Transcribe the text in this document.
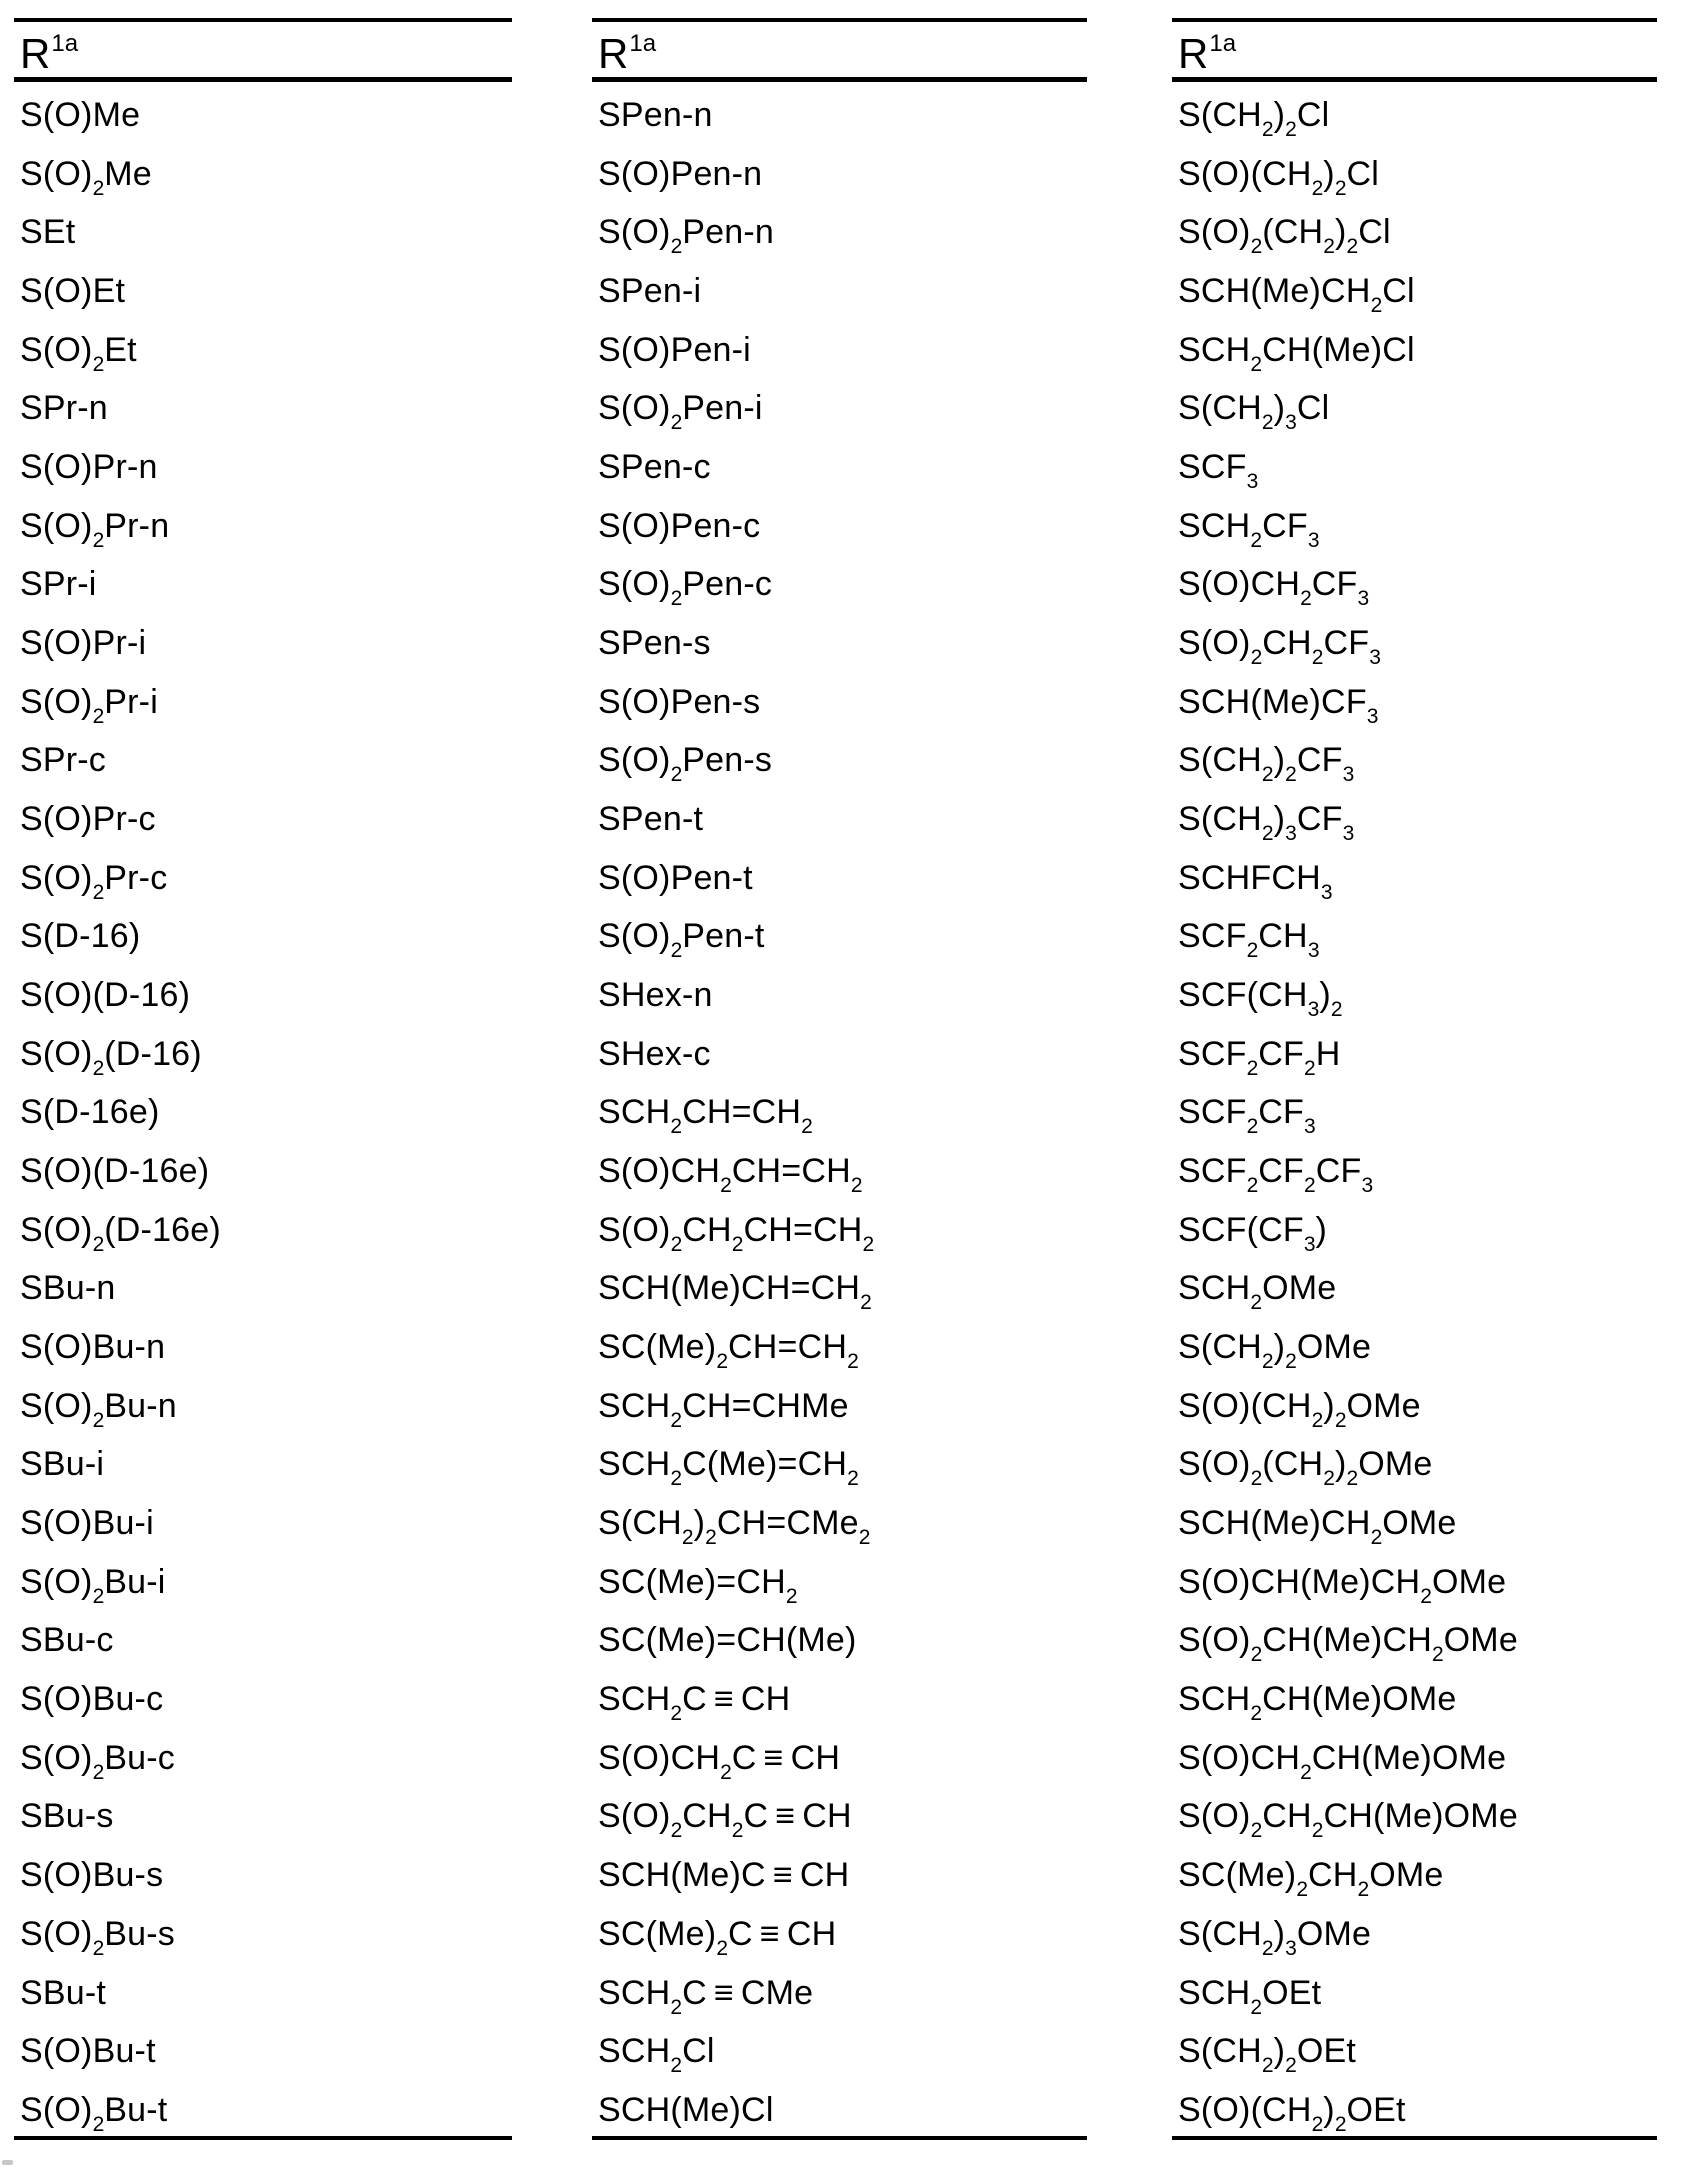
$R^{1a}$
S(O)Me
$S(O)_2Me$
SEt
S(O)Et
$S(O)_2Et$
SPr-n
S(O)Pr-n
$S(O)_2Pr-n$
SPr-i
S(O)Pr-i
$S(O)_2Pr-i$
SPr-c
S(O)Pr-c
$S(O)_2Pr-c$
S(D-16)
S(O)(D-16)
$S(O)_2(D-16)$
S(D-16e)
S(O)(D-16e)
$S(O)_2(D-16e)$
SBu-n
S(O)Bu-n
$S(O)_2Bu-n$
SBu-i
S(O)Bu-i
$S(O)_2Bu-i$
SBu-c
S(O)Bu-c
$S(O)_2Bu-c$
SBu-s
S(O)Bu-s
$S(O)_2Bu-s$
SBu-t
S(O)Bu-t
$S(O)_2Bu-t$
$R^{1a}$
SPen-n
S(O)Pen-n
$S(O)_2Pen-n$
SPen-i
S(O)Pen-i
$S(O)_2Pen-i$
SPen-c
S(O)Pen-c
$S(O)_2Pen-c$
SPen-s
S(O)Pen-s
$S(O)_2Pen-s$
SPen-t
S(O)Pen-t
$S(O)_2Pen-t$
SHex-n
SHex-c
$SCH_2CH=CH_2$
$S(O)CH_2CH=CH_2$
$S(O)_2CH_2CH=CH_2$
$SCH(Me)CH=CH_2$
$SC(Me)_2CH=CH_2$
$SCH_2CH=CHMe$
$SCH_2C(Me)=CH_2$
$S(CH_2)_2CH=CMe_2$
$SC(Me)=CH_2$
SC(Me)=CH(Me)
$SCH_2C$ ≡ CH
$S(O)CH_2C$ ≡ CH
$S(O)_2CH_2C$ ≡ CH
SCH(Me)C ≡ CH
$SC(Me)_2C$ ≡ CH
$SCH_2C$ ≡ CMe
$SCH_2Cl$
SCH(Me)Cl
$R^{1a}$
$S(CH_2)_2Cl$
$S(O)(CH_2)_2Cl$
$S(O)_2(CH_2)_2Cl$
$SCH(Me)CH_2Cl$
$SCH_2CH(Me)Cl$
$S(CH_2)_3Cl$
$SCF_3$
$SCH_2CF_3$
$S(O)CH_2CF_3$
$S(O)_2CH_2CF_3$
$SCH(Me)CF_3$
$S(CH_2)_2CF_3$
$S(CH_2)_3CF_3$
$SCHFCH_3$
$SCF_2CH_3$
$SCF(CH_3)_2$
$SCF_2CF_2H$
$SCF_2CF_3$
$SCF_2CF_2CF_3$
$SCF(CF_3)$
$SCH_2OMe$
$S(CH_2)_2OMe$
$S(O)(CH_2)_2OMe$
$S(O)_2(CH_2)_2OMe$
$SCH(Me)CH_2OMe$
$S(O)CH(Me)CH_2OMe$
$S(O)_2CH(Me)CH_2OMe$
$SCH_2CH(Me)OMe$
$S(O)CH_2CH(Me)OMe$
$S(O)_2CH_2CH(Me)OMe$
$SC(Me)_2CH_2OMe$
$S(CH_2)_3OMe$
$SCH_2OEt$
$S(CH_2)_2OEt$
$S(O)(CH_2)_2OEt$
